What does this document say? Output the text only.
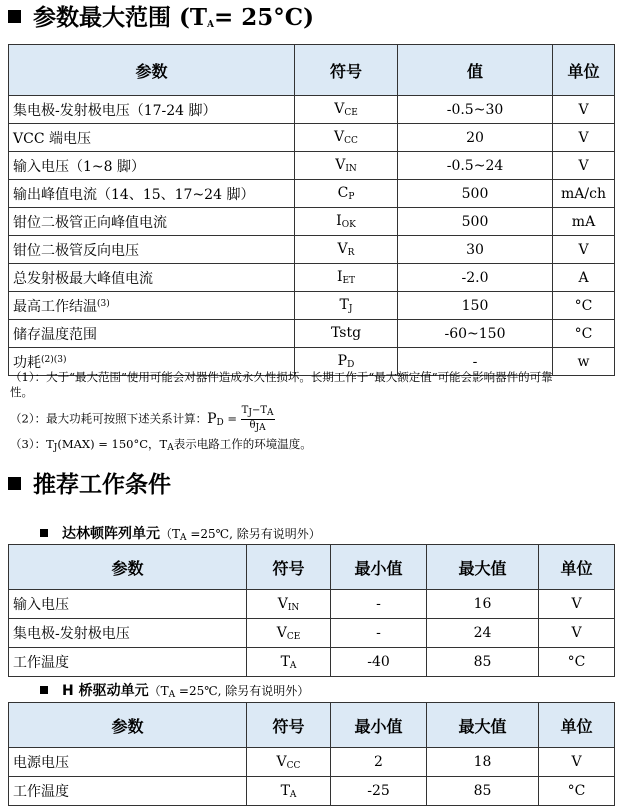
参数最大范围 $(T_A= 25^\circ C)$
参数	符号	值	单位
集电极-发射极电压（17-24 脚）	$V_{CE}$	-0.5~30	V
VCC 端电压	$V_{CC}$	20	V
输入电压（1~8 脚）	$V_{IN}$	-0.5~24	V
输出峰值电流（14、15、17~24 脚）	$C_P$	500	mA/ch
钳位二极管正向峰值电流	$I_{OK}$	500	mA
钳位二极管反向电压	$V_R$	30	V
总发射极最大峰值电流	$I_{ET}$	-2.0	A
最高工作结温$^{(3)}$	$T_J$	150	°C
储存温度范围	Tstg	-60~150	°C
功耗$^{(2)(3)}$	$P_D$	-	w
（1）：大于“最大范围”使用可能会对器件造成永久性损坏。长期工作于“最大额定值”可能会影响器件的可靠
性。
（2）：最大功耗可按照下述关系计算：$P_D = \frac{T_J-T_A}{\theta_{JA}}$
（3）：$T_J(MAX) = 150^\circ C$，$T_A$表示电路工作的环境温度。
推荐工作条件
达林顿阵列单元（$T_A$ =25℃, 除另有说明外）
参数	符号	最小值	最大值	单位
输入电压	$V_{IN}$	-	16	V
集电极-发射极电压	$V_{CE}$	-	24	V
工作温度	$T_A$	-40	85	°C
H 桥驱动单元（$T_A$ =25℃, 除另有说明外）
参数	符号	最小值	最大值	单位
电源电压	$V_{CC}$	2	18	V
工作温度	$T_A$	-25	85	°C
